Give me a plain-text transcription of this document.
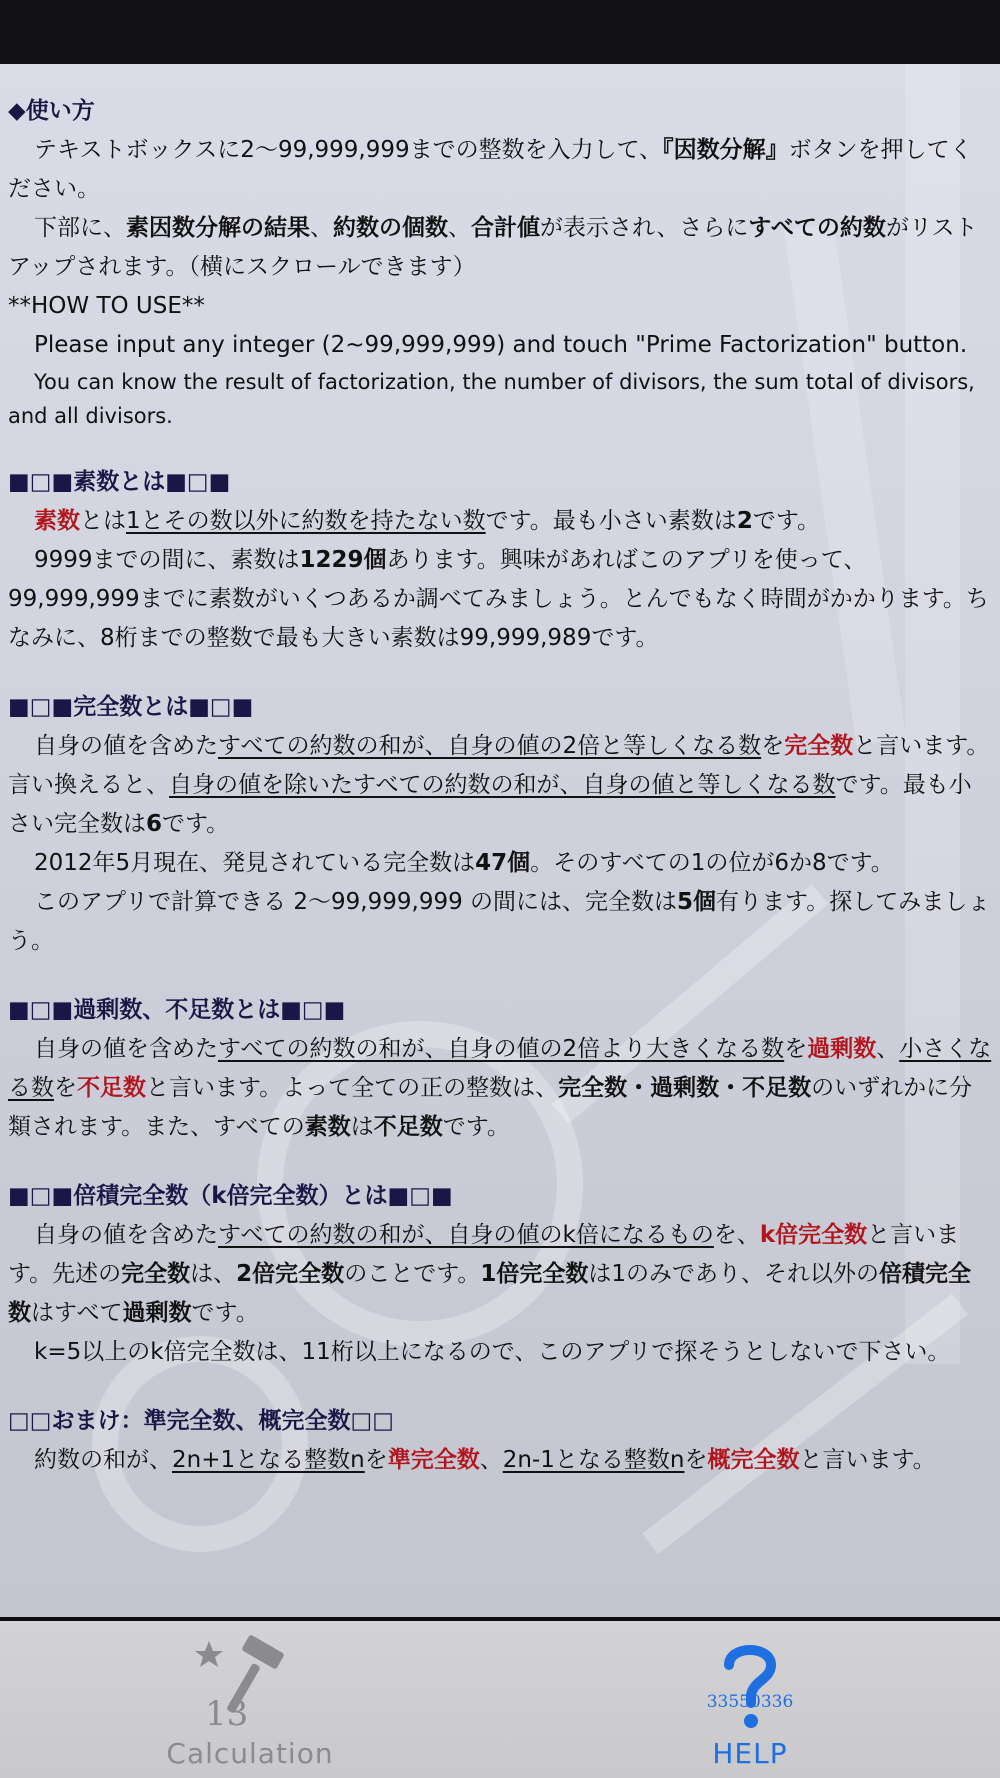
◆使い方

テキストボックスに2〜99,999,999までの整数を入力して、『因数分解』ボタンを押してください。

下部に、素因数分解の結果、約数の個数、合計値が表示され、さらにすべての約数がリストアップされます。（横にスクロールできます）

**HOW TO USE**

Please input any integer (2~99,999,999) and touch "Prime Factorization" button.

You can know the result of factorization, the number of divisors, the sum total of divisors, and all divisors.

■□■素数とは■□■

素数とは1とその数以外に約数を持たない数です。最も小さい素数は2です。

9999までの間に、素数は1229個あります。興味があればこのアプリを使って、99,999,999までに素数がいくつあるか調べてみましょう。とんでもなく時間がかかります。ちなみに、8桁までの整数で最も大きい素数は99,999,989です。

■□■完全数とは■□■

自身の値を含めたすべての約数の和が、自身の値の2倍と等しくなる数を完全数と言います。言い換えると、自身の値を除いたすべての約数の和が、自身の値と等しくなる数です。最も小さい完全数は6です。

2012年5月現在、発見されている完全数は47個。そのすべての1の位が6か8です。

このアプリで計算できる 2〜99,999,999 の間には、完全数は5個有ります。探してみましょう。

■□■過剰数、不足数とは■□■

自身の値を含めたすべての約数の和が、自身の値の2倍より大きくなる数を過剰数、小さくなる数を不足数と言います。よって全ての正の整数は、完全数・過剰数・不足数のいずれかに分類されます。また、すべての素数は不足数です。

■□■倍積完全数（k倍完全数）とは■□■

自身の値を含めたすべての約数の和が、自身の値のk倍になるものを、k倍完全数と言います。先述の完全数は、2倍完全数のことです。1倍完全数は1のみであり、それ以外の倍積完全数はすべて過剰数です。

k=5以上のk倍完全数は、11桁以上になるので、このアプリで探そうとしないで下さい。

□□おまけ：準完全数、概完全数□□

約数の和が、2n+1となる整数nを準完全数、2n-1となる整数nを概完全数と言います。

13
Calculation
33550336
HELP
